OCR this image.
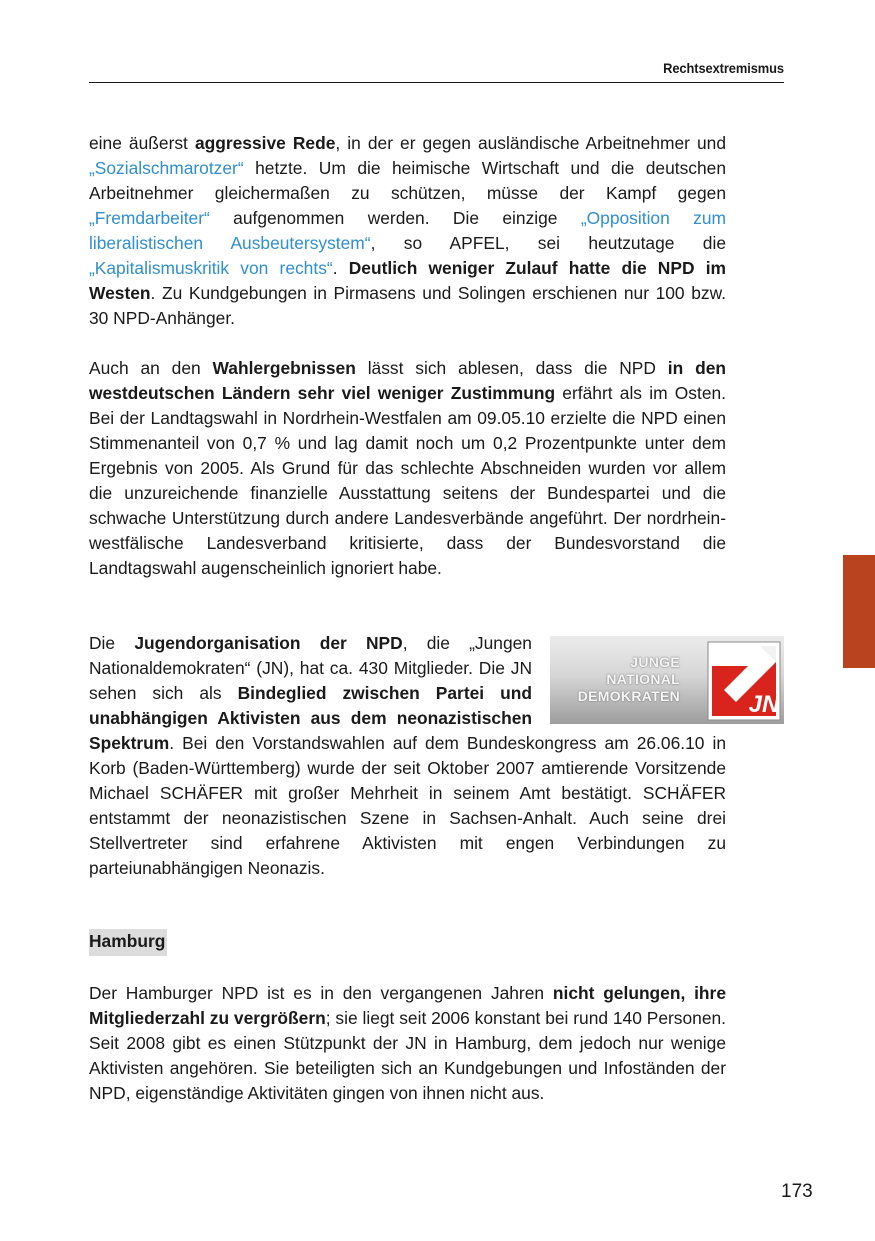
Rechtsextremismus

eine äußerst aggressive Rede, in der er gegen ausländische Arbeitnehmer und „Sozialschmarotzer“ hetzte. Um die heimische Wirtschaft und die deutschen Arbeitnehmer gleichermaßen zu schützen, müsse der Kampf gegen „Fremdarbeiter“ aufgenommen werden. Die einzige „Opposition zum liberalistischen Ausbeutersystem“, so APFEL, sei heutzutage die „Kapitalismuskritik von rechts“. Deutlich weniger Zulauf hatte die NPD im Westen. Zu Kundgebungen in Pirmasens und Solingen erschienen nur 100 bzw. 30 NPD-Anhänger.

Auch an den Wahlergebnissen lässt sich ablesen, dass die NPD in den westdeutschen Ländern sehr viel weniger Zustimmung erfährt als im Osten. Bei der Landtagswahl in Nordrhein-Westfalen am 09.05.10 erzielte die NPD einen Stimmenanteil von 0,7 % und lag damit noch um 0,2 Prozentpunkte unter dem Ergebnis von 2005. Als Grund für das schlechte Abschneiden wurden vor allem die unzureichende finanzielle Ausstattung seitens der Bundespartei und die schwache Unterstützung durch andere Landesverbände angeführt. Der nordrhein-westfälische Landesverband kritisierte, dass der Bundesvorstand die Landtagswahl augenscheinlich ignoriert habe.

JUNGE
NATIONAL
DEMOKRATEN	JN

Die Jugendorganisation der NPD, die „Jungen Nationaldemokraten“ (JN), hat ca. 430 Mitglieder. Die JN sehen sich als Bindeglied zwischen Partei und unabhängigen Aktivisten aus dem neonazistischen Spektrum. Bei den Vorstandswahlen auf dem Bundeskongress am 26.06.10 in Korb (Baden-Württemberg) wurde der seit Oktober 2007 amtierende Vorsitzende Michael SCHÄFER mit großer Mehrheit in seinem Amt bestätigt. SCHÄFER entstammt der neonazistischen Szene in Sachsen-Anhalt. Auch seine drei Stellvertreter sind erfahrene Aktivisten mit engen Verbindungen zu parteiunabhängigen Neonazis.

Hamburg

Der Hamburger NPD ist es in den vergangenen Jahren nicht gelungen, ihre Mitgliederzahl zu vergrößern; sie liegt seit 2006 konstant bei rund 140 Personen. Seit 2008 gibt es einen Stützpunkt der JN in Hamburg, dem jedoch nur wenige Aktivisten angehören. Sie beteiligten sich an Kundgebungen und Infoständen der NPD, eigenständige Aktivitäten gingen von ihnen nicht aus.

173
